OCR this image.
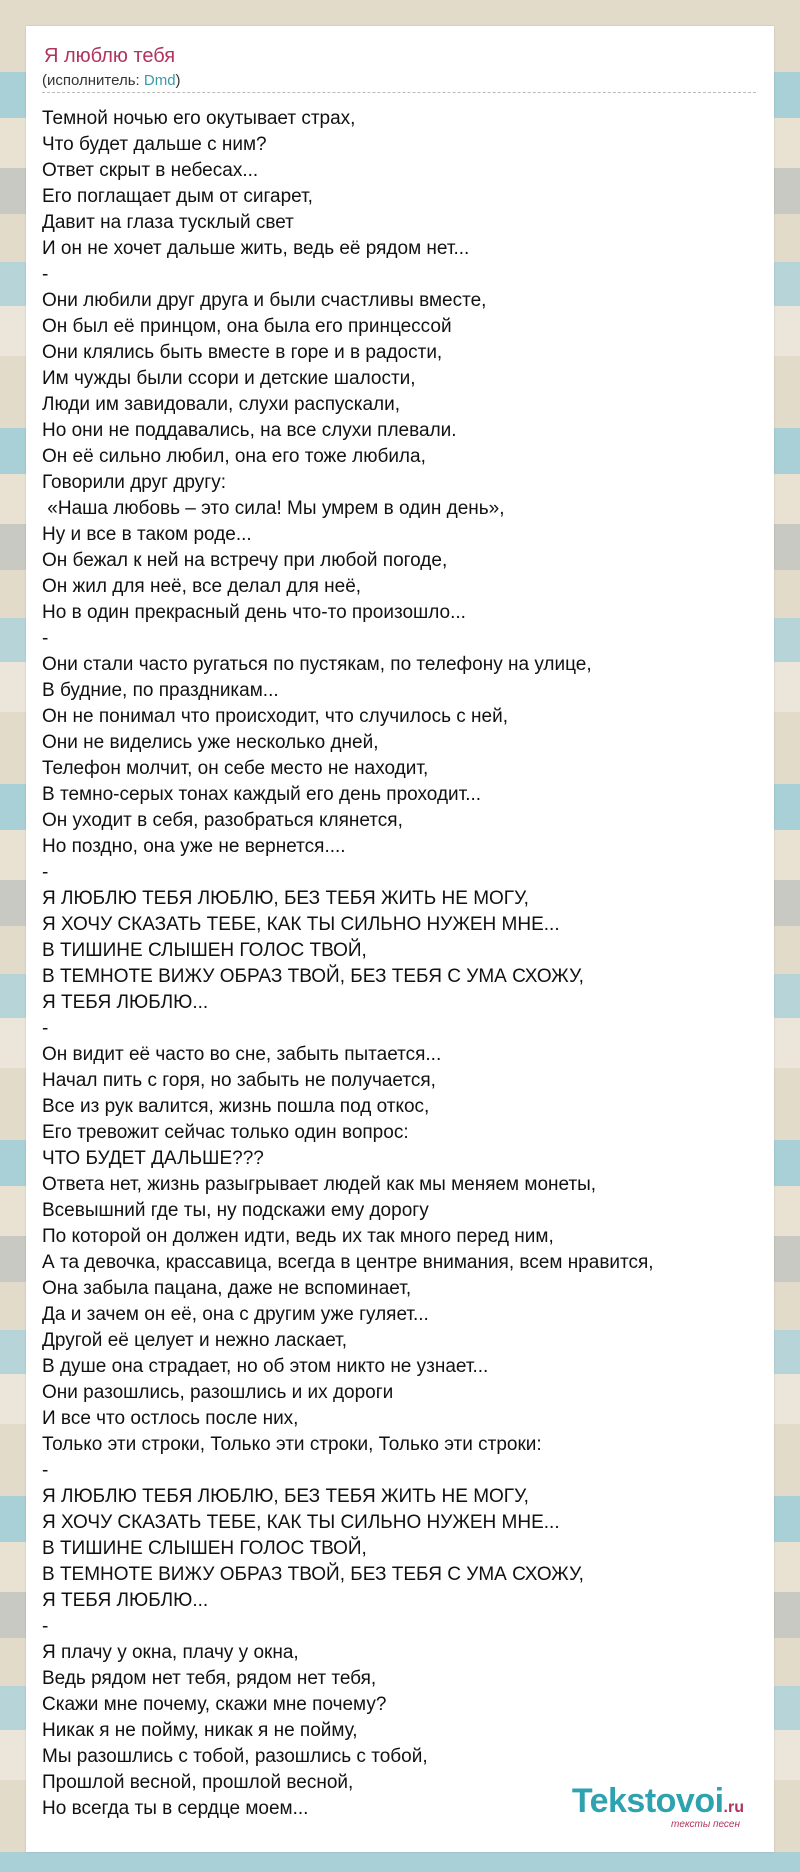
Я люблю тебя
(исполнитель: Dmd)
Темной ночью его окутывает страх,
Что будет дальше с ним?
Ответ скрыт в небесах...
Его поглащает дым от сигарет,
Давит на глаза тусклый свет
И он не хочет дальше жить, ведь её рядом нет...
-
Они любили друг друга и были счастливы вместе,
Он был её принцом, она была его принцессой
Они клялись быть вместе в горе и в радости,
Им чужды были ссори и детские шалости,
Люди им завидовали, слухи распускали,
Но они не поддавались, на все слухи плевали.
Он её сильно любил, она его тоже любила,
Говорили друг другу:
«Наша любовь – это сила! Мы умрем в один день»,
Ну и все в таком роде...
Он бежал к ней на встречу при любой погоде,
Он жил для неё, все делал для неё,
Но в один прекрасный день что-то произошло...
-
Они стали часто ругаться по пустякам, по телефону на улице,
В будние, по праздникам...
Он не понимал что происходит, что случилось с ней,
Они не виделись уже несколько дней,
Телефон молчит, он себе место не находит,
В темно-серых тонах каждый его день проходит...
Он уходит в себя, разобраться клянется,
Но поздно, она уже не вернется....
-
Я ЛЮБЛЮ ТЕБЯ ЛЮБЛЮ, БЕЗ ТЕБЯ ЖИТЬ НЕ МОГУ,
Я ХОЧУ СКАЗАТЬ ТЕБЕ, КАК ТЫ СИЛЬНО НУЖЕН МНЕ...
В ТИШИНЕ СЛЫШЕН ГОЛОС ТВОЙ,
В ТЕМНОТЕ ВИЖУ ОБРАЗ ТВОЙ, БЕЗ ТЕБЯ С УМА СХОЖУ,
Я ТЕБЯ ЛЮБЛЮ...
-
Он видит её часто во сне, забыть пытается...
Начал пить с горя, но забыть не получается,
Все из рук валится, жизнь пошла под откос,
Его тревожит сейчас только один вопрос:
ЧТО БУДЕТ ДАЛЬШЕ???
Ответа нет, жизнь разыгрывает людей как мы меняем монеты,
Всевышний где ты, ну подскажи ему дорогу
По которой он должен идти, ведь их так много перед ним,
А та девочка, крассавица, всегда в центре внимания, всем нравится,
Она забыла пацана, даже не вспоминает,
Да и зачем он её, она с другим уже гуляет...
Другой её целует и нежно ласкает,
В душе она страдает, но об этом никто не узнает...
Они разошлись, разошлись и их дороги
И все что остлось после них,
Только эти строки, Только эти строки, Только эти строки:
-
Я ЛЮБЛЮ ТЕБЯ ЛЮБЛЮ, БЕЗ ТЕБЯ ЖИТЬ НЕ МОГУ,
Я ХОЧУ СКАЗАТЬ ТЕБЕ, КАК ТЫ СИЛЬНО НУЖЕН МНЕ...
В ТИШИНЕ СЛЫШЕН ГОЛОС ТВОЙ,
В ТЕМНОТЕ ВИЖУ ОБРАЗ ТВОЙ, БЕЗ ТЕБЯ С УМА СХОЖУ,
Я ТЕБЯ ЛЮБЛЮ...
-
Я плачу у окна, плачу у окна,
Ведь рядом нет тебя, рядом нет тебя,
Скажи мне почему, скажи мне почему?
Никак я не пойму, никак я не пойму,
Мы разошлись с тобой, разошлись с тобой,
Прошлой весной, прошлой весной,
Но всегда ты в сердце моем...	Tekstovoi.ru
тексты песен
